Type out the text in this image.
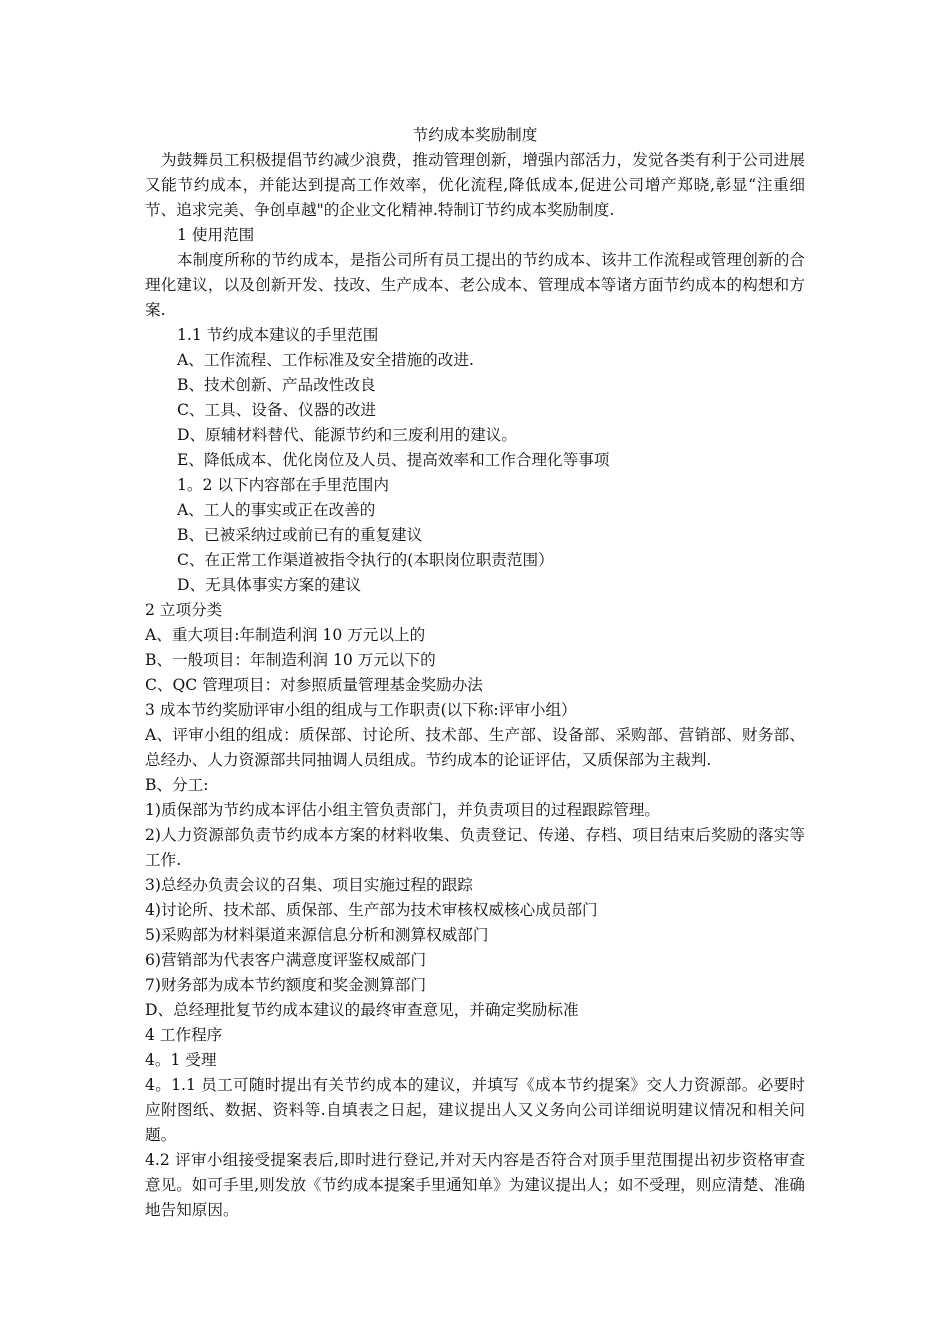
节约成本奖励制度

为鼓舞员工积极提倡节约减少浪费，推动管理创新，增强内部活力，发觉各类有利于公司进展又能节约成本，并能达到提高工作效率，优化流程,降低成本,促进公司增产郑晓,彰显“注重细节、追求完美、争创卓越"的企业文化精神.特制订节约成本奖励制度.

1 使用范围

本制度所称的节约成本，是指公司所有员工提出的节约成本、该井工作流程或管理创新的合理化建议，以及创新开发、技改、生产成本、老公成本、管理成本等诸方面节约成本的构想和方案.

1.1 节约成本建议的手里范围

A、工作流程、工作标准及安全措施的改进.

B、技术创新、产品改性改良

C、工具、设备、仪器的改进

D、原辅材料替代、能源节约和三废利用的建议。

E、降低成本、优化岗位及人员、提高效率和工作合理化等事项

1。2 以下内容部在手里范围内

A、工人的事实或正在改善的

B、已被采纳过或前已有的重复建议

C、在正常工作渠道被指令执行的(本职岗位职责范围）

D、无具体事实方案的建议

2 立项分类

A、重大项目:年制造利润 10 万元以上的

B、一般项目：年制造利润 10 万元以下的

C、QC 管理项目：对参照质量管理基金奖励办法

3 成本节约奖励评审小组的组成与工作职责(以下称:评审小组）

A、评审小组的组成：质保部、讨论所、技术部、生产部、设备部、采购部、营销部、财务部、总经办、人力资源部共同抽调人员组成。节约成本的论证评估，又质保部为主裁判.

B、分工:

1)质保部为节约成本评估小组主管负责部门，并负责项目的过程跟踪管理。

2)人力资源部负责节约成本方案的材料收集、负责登记、传递、存档、项目结束后奖励的落实等工作.

3)总经办负责会议的召集、项目实施过程的跟踪

4)讨论所、技术部、质保部、生产部为技术审核权威核心成员部门

5)采购部为材料渠道来源信息分析和测算权威部门

6)营销部为代表客户满意度评鉴权威部门

7)财务部为成本节约额度和奖金测算部门

D、总经理批复节约成本建议的最终审查意见，并确定奖励标准

4 工作程序

4。1 受理

4。1.1 员工可随时提出有关节约成本的建议，并填写《成本节约提案》交人力资源部。必要时应附图纸、数据、资料等.自填表之日起，建议提出人又义务向公司详细说明建议情况和相关问题。

4.2 评审小组接受提案表后,即时进行登记,并对天内容是否符合对顶手里范围提出初步资格审查意见。如可手里,则发放《节约成本提案手里通知单》为建议提出人；如不受理，则应清楚、准确地告知原因。
